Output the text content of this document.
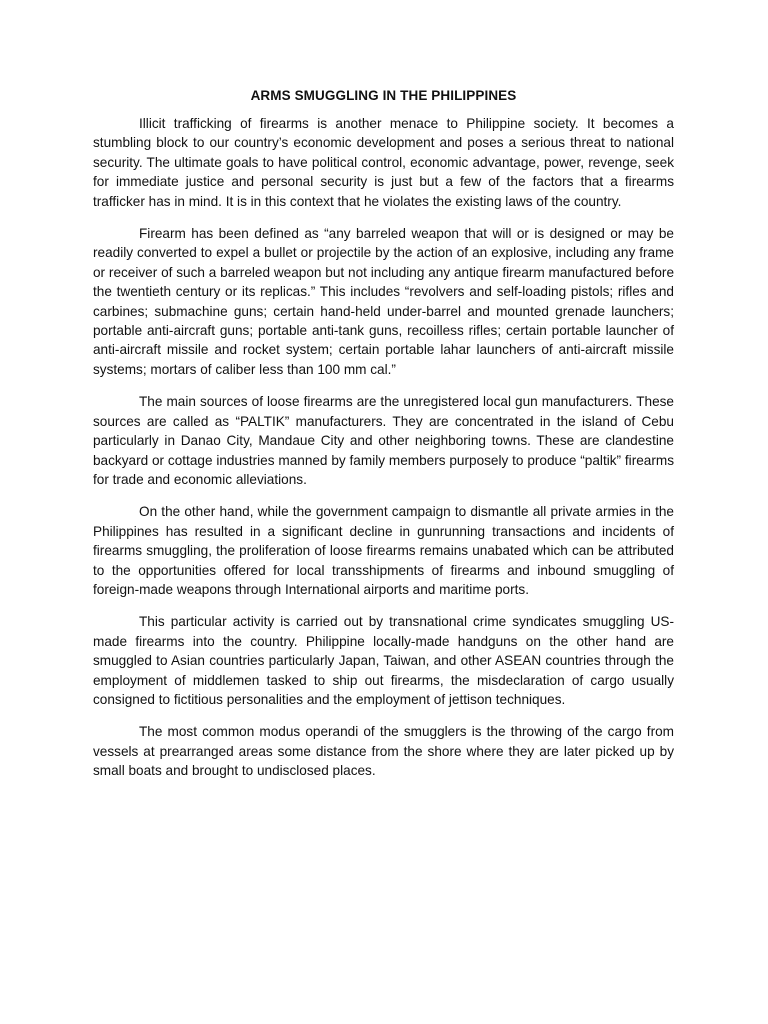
ARMS SMUGGLING IN THE PHILIPPINES

Illicit trafficking of firearms is another menace to Philippine society. It becomes a stumbling block to our country’s economic development and poses a serious threat to national security. The ultimate goals to have political control, economic advantage, power, revenge, seek for immediate justice and personal security is just but a few of the factors that a firearms trafficker has in mind. It is in this context that he violates the existing laws of the country.

Firearm has been defined as “any barreled weapon that will or is designed or may be readily converted to expel a bullet or projectile by the action of an explosive, including any frame or receiver of such a barreled weapon but not including any antique firearm manufactured before the twentieth century or its replicas.” This includes “revolvers and self-loading pistols; rifles and carbines; submachine guns; certain hand-held under-barrel and mounted grenade launchers; portable anti-aircraft guns; portable anti-tank guns, recoilless rifles; certain portable launcher of anti-aircraft missile and rocket system; certain portable lahar launchers of anti-aircraft missile systems; mortars of caliber less than 100 mm cal.”

The main sources of loose firearms are the unregistered local gun manufacturers. These sources are called as “PALTIK” manufacturers. They are concentrated in the island of Cebu particularly in Danao City, Mandaue City and other neighboring towns. These are clandestine backyard or cottage industries manned by family members purposely to produce “paltik” firearms for trade and economic alleviations.

On the other hand, while the government campaign to dismantle all private armies in the Philippines has resulted in a significant decline in gunrunning transactions and incidents of firearms smuggling, the proliferation of loose firearms remains unabated which can be attributed to the opportunities offered for local transshipments of firearms and inbound smuggling of foreign-made weapons through International airports and maritime ports.

This particular activity is carried out by transnational crime syndicates smuggling US-made firearms into the country. Philippine locally-made handguns on the other hand are smuggled to Asian countries particularly Japan, Taiwan, and other ASEAN countries through the employment of middlemen tasked to ship out firearms, the misdeclaration of cargo usually consigned to fictitious personalities and the employment of jettison techniques.

The most common modus operandi of the smugglers is the throwing of the cargo from vessels at prearranged areas some distance from the shore where they are later picked up by small boats and brought to undisclosed places.
